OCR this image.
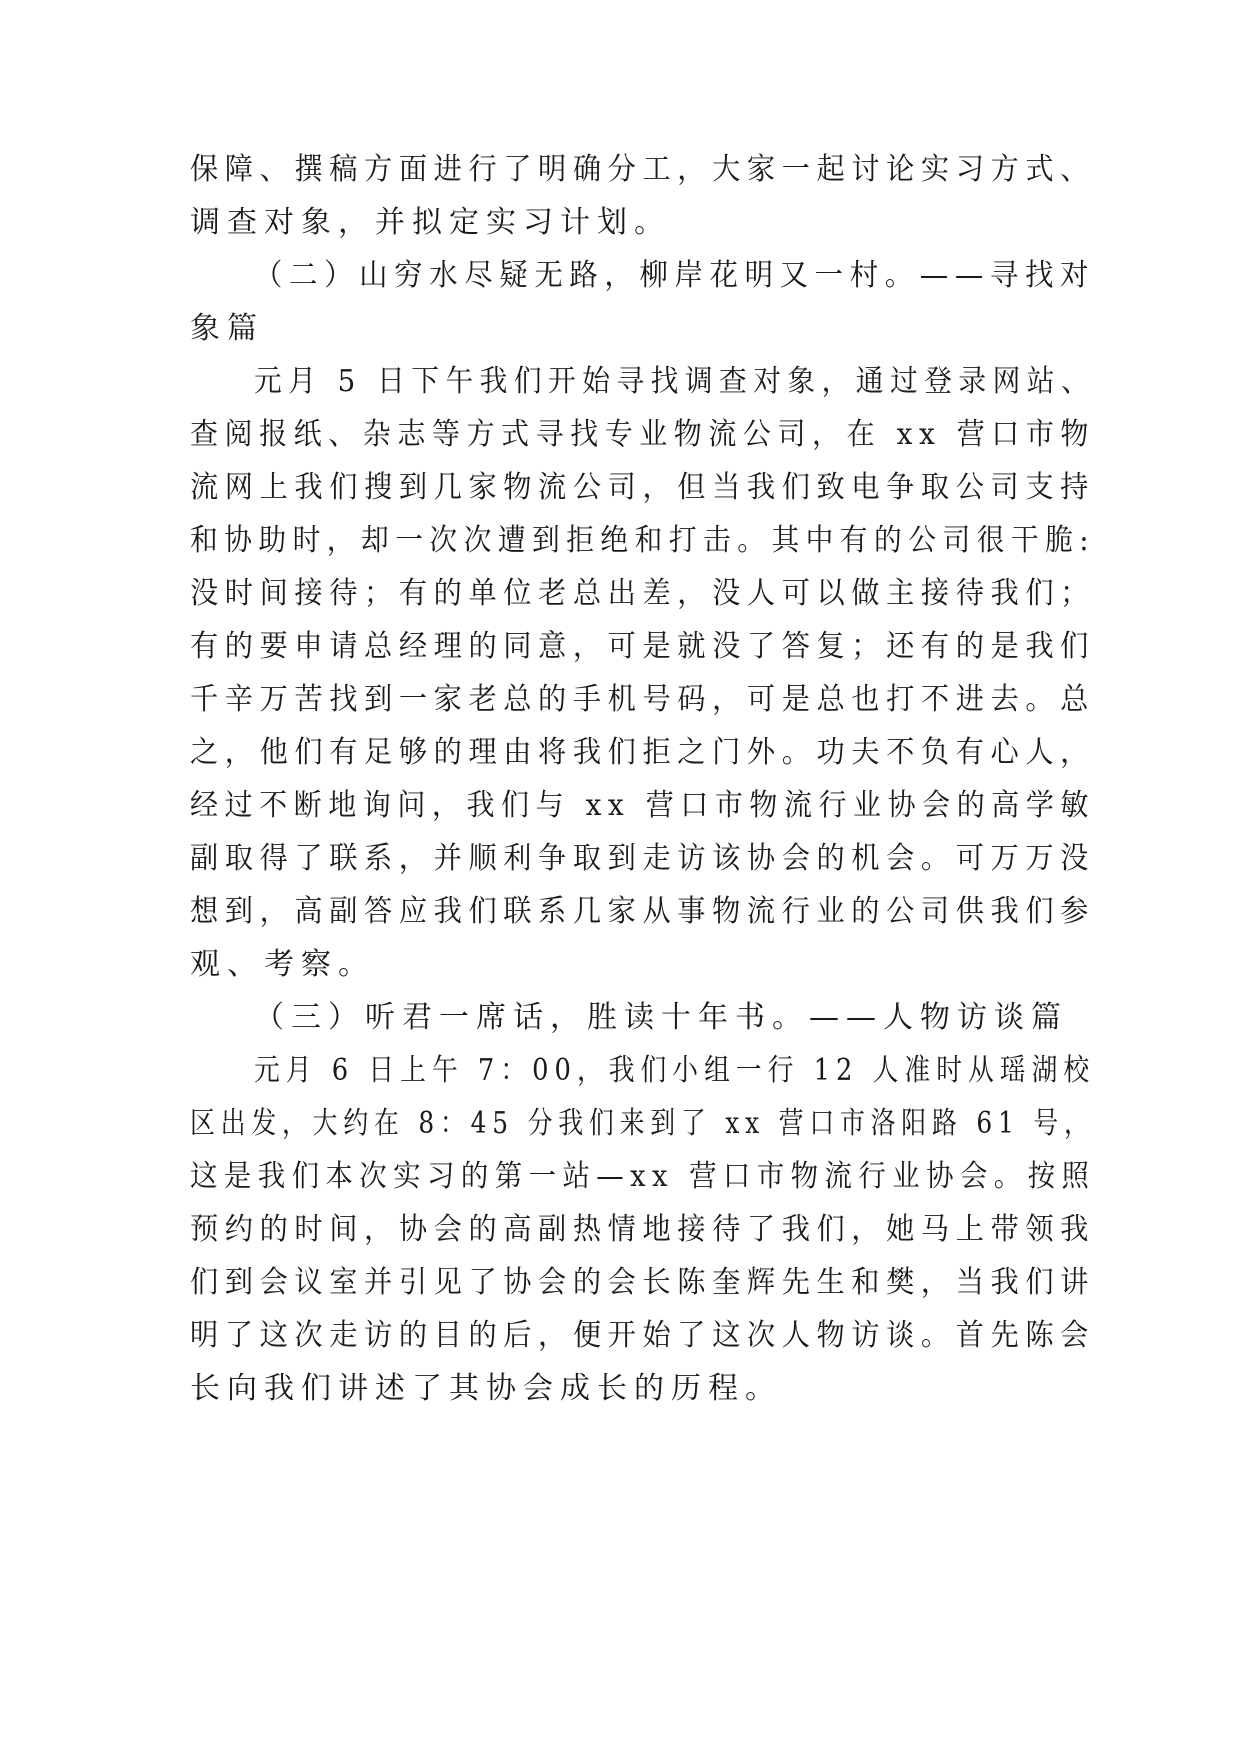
保障、撰稿方面进行了明确分工，大家一起讨论实习方式、
调查对象，并拟定实习计划。
（二）山穷水尽疑无路，柳岸花明又一村。——寻找对
象篇
元月 5 日下午我们开始寻找调查对象，通过登录网站、
查阅报纸、杂志等方式寻找专业物流公司，在 xx 营口市物
流网上我们搜到几家物流公司，但当我们致电争取公司支持
和协助时，却一次次遭到拒绝和打击。其中有的公司很干脆:
没时间接待；有的单位老总出差，没人可以做主接待我们；
有的要申请总经理的同意，可是就没了答复；还有的是我们
千辛万苦找到一家老总的手机号码，可是总也打不进去。总
之，他们有足够的理由将我们拒之门外。功夫不负有心人，
经过不断地询问，我们与 xx 营口市物流行业协会的高学敏
副取得了联系，并顺利争取到走访该协会的机会。可万万没
想到，高副答应我们联系几家从事物流行业的公司供我们参
观、考察。
（三）听君一席话，胜读十年书。——人物访谈篇
元月 6 日上午 7：00，我们小组一行 12 人准时从瑶湖校
区出发，大约在 8：45 分我们来到了 xx 营口市洛阳路 61 号，
这是我们本次实习的第一站—xx 营口市物流行业协会。按照
预约的时间，协会的高副热情地接待了我们，她马上带领我
们到会议室并引见了协会的会长陈奎辉先生和樊，当我们讲
明了这次走访的目的后，便开始了这次人物访谈。首先陈会
长向我们讲述了其协会成长的历程。
